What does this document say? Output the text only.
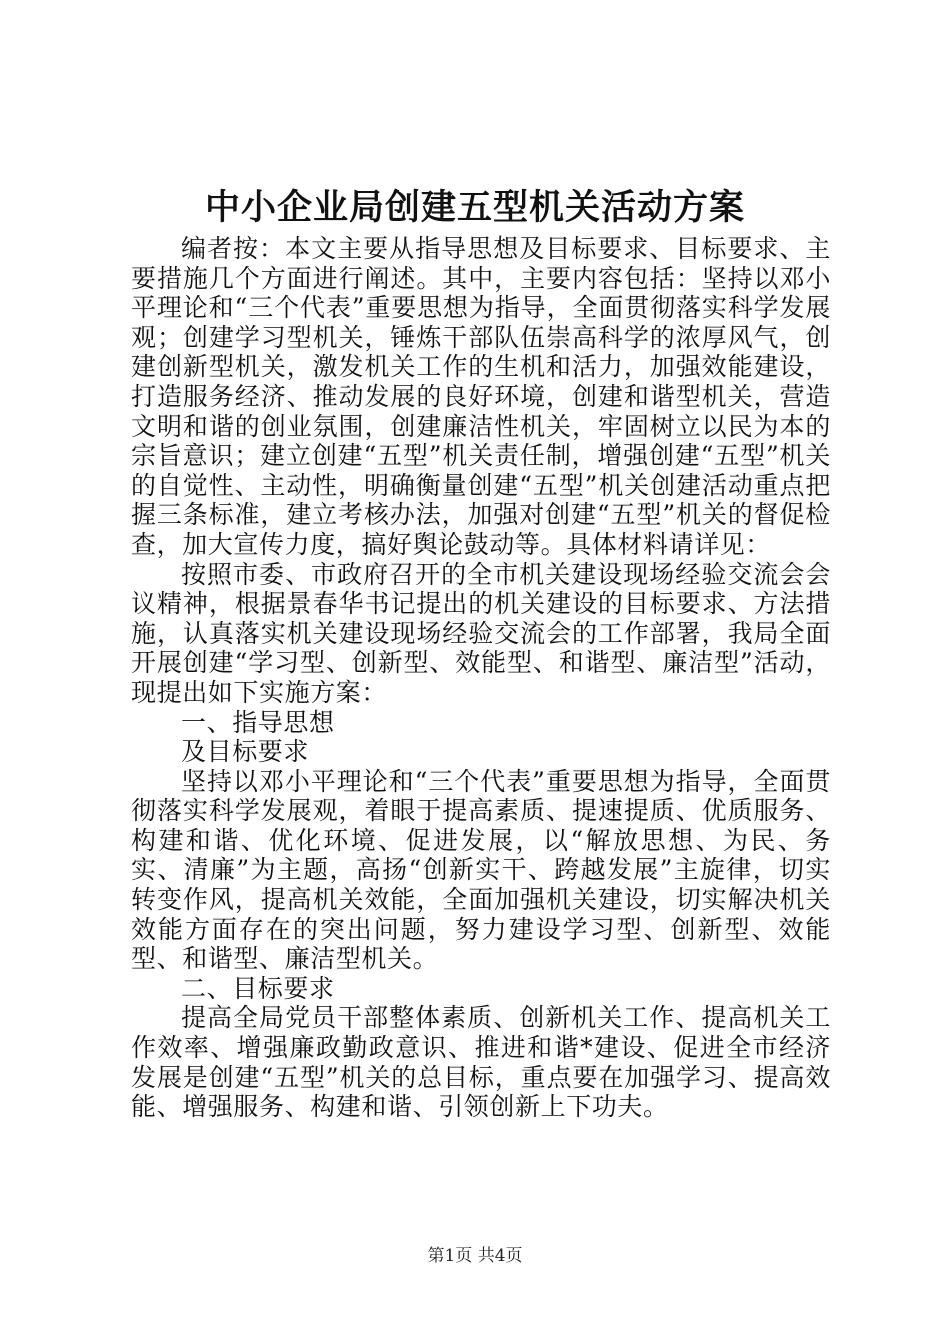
中小企业局创建五型机关活动方案

编者按：本文主要从指导思想及目标要求、目标要求、主要措施几个方面进行阐述。其中，主要内容包括：坚持以邓小平理论和“三个代表”重要思想为指导，全面贯彻落实科学发展观；创建学习型机关，锤炼干部队伍崇高科学的浓厚风气，创建创新型机关，激发机关工作的生机和活力，加强效能建设，打造服务经济、推动发展的良好环境，创建和谐型机关，营造文明和谐的创业氛围，创建廉洁性机关，牢固树立以民为本的宗旨意识；建立创建“五型”机关责任制，增强创建“五型”机关的自觉性、主动性，明确衡量创建“五型”机关创建活动重点把握三条标准，建立考核办法，加强对创建“五型”机关的督促检查，加大宣传力度，搞好舆论鼓动等。具体材料请详见：

按照市委、市政府召开的全市机关建设现场经验交流会会议精神，根据景春华书记提出的机关建设的目标要求、方法措施，认真落实机关建设现场经验交流会的工作部署，我局全面开展创建“学习型、创新型、效能型、和谐型、廉洁型”活动，现提出如下实施方案：

一、指导思想

及目标要求

坚持以邓小平理论和“三个代表”重要思想为指导，全面贯彻落实科学发展观，着眼于提高素质、提速提质、优质服务、构建和谐、优化环境、促进发展，以“解放思想、为民、务实、清廉”为主题，高扬“创新实干、跨越发展”主旋律，切实转变作风，提高机关效能，全面加强机关建设，切实解决机关效能方面存在的突出问题，努力建设学习型、创新型、效能型、和谐型、廉洁型机关。

二、目标要求

提高全局党员干部整体素质、创新机关工作、提高机关工作效率、增强廉政勤政意识、推进和谐*建设、促进全市经济发展是创建“五型”机关的总目标，重点要在加强学习、提高效能、增强服务、构建和谐、引领创新上下功夫。

第1页 共4页
